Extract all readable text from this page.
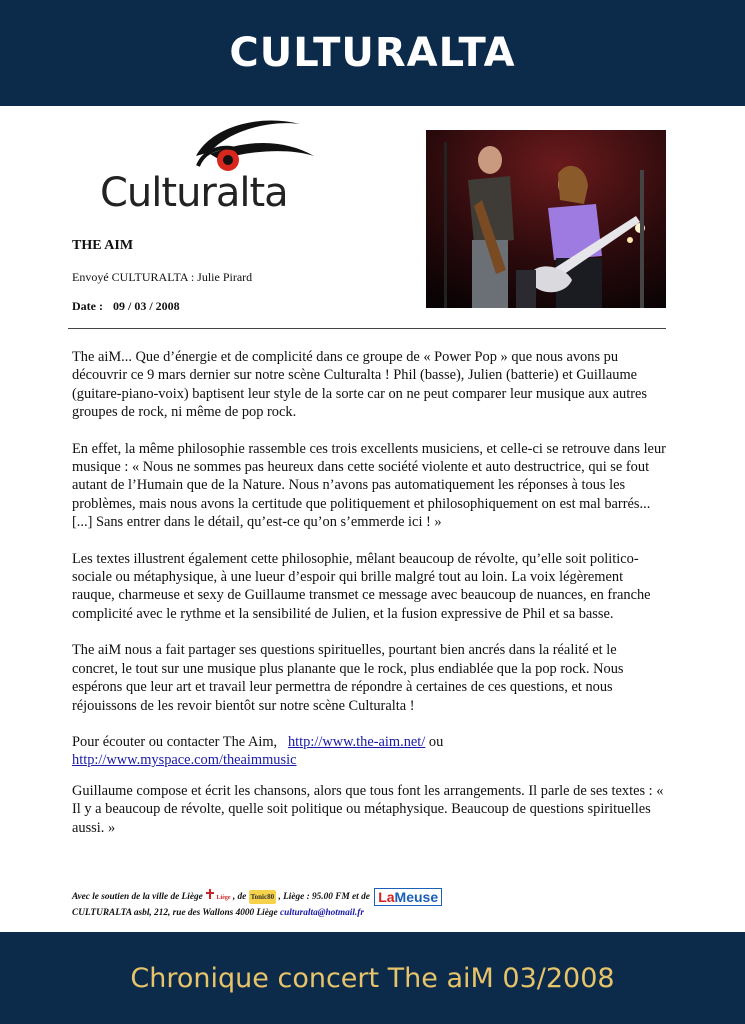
CULTURALTA
Culturalta
THE AIM
Envoyé CULTURALTA : Julie Pirard
Date : 09 / 03 / 2008

The aiM... Que d’énergie et de complicité dans ce groupe de « Power Pop » que nous avons pu découvrir ce 9 mars dernier sur notre scène Culturalta ! Phil (basse), Julien (batterie) et Guillaume (guitare-piano-voix) baptisent leur style de la sorte car on ne peut comparer leur musique aux autres groupes de rock, ni même de pop rock.

En effet, la même philosophie rassemble ces trois excellents musiciens, et celle-ci se retrouve dans leur musique : « Nous ne sommes pas heureux dans cette société violente et auto destructrice, qui se fout autant de l’Humain que de la Nature. Nous n’avons pas automatiquement les réponses à tous les problèmes, mais nous avons la certitude que politiquement et philosophiquement on est mal barrés... [...] Sans entrer dans le détail, qu’est-ce qu’on s’emmerde ici ! »

Les textes illustrent également cette philosophie, mêlant beaucoup de révolte, qu’elle soit politico-sociale ou métaphysique, à une lueur d’espoir qui brille malgré tout au loin. La voix légèrement rauque, charmeuse et sexy de Guillaume transmet ce message avec beaucoup de nuances, en franche complicité avec le rythme et la sensibilité de Julien, et la fusion expressive de Phil et sa basse.

The aiM nous a fait partager ses questions spirituelles, pourtant bien ancrés dans la réalité et le concret, le tout sur une musique plus planante que le rock, plus endiablée que la pop rock. Nous espérons que leur art et travail leur permettra de répondre à certaines de ces questions, et nous réjouissons de les revoir bientôt sur notre scène Culturalta !

Pour écouter ou contacter The Aim, http://www.the-aim.net/ ou http://www.myspace.com/theaimmusic

Guillaume compose et écrit les chansons, alors que tous font les arrangements. Il parle de ses textes : « Il y a beaucoup de révolte, quelle soit politique ou métaphysique. Beaucoup de questions spirituelles aussi. »

Avec le soutien de la ville de Liège Liège , de Tonic80 , Liège : 95.00 FM et de LaMeuse
CULTURALTA asbl, 212, rue des Wallons 4000 Liège culturalta@hotmail.fr
Chronique concert The aiM 03/2008
